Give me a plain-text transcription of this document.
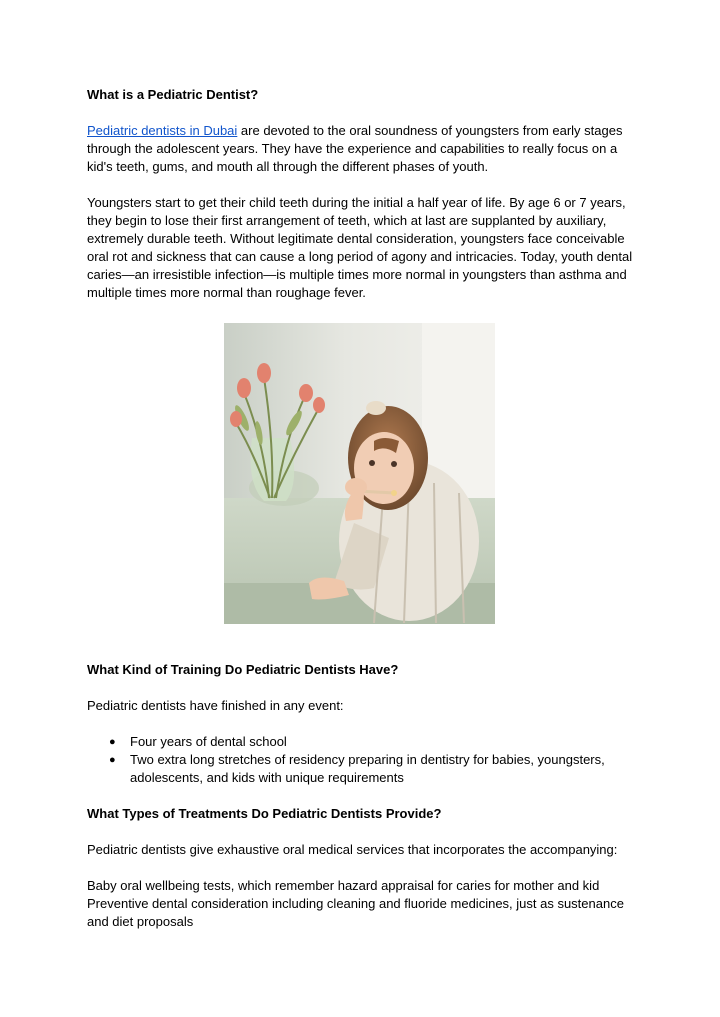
What is a Pediatric Dentist?

Pediatric dentists in Dubai are devoted to the oral soundness of youngsters from early stages through the adolescent years. They have the experience and capabilities to really focus on a kid's teeth, gums, and mouth all through the different phases of youth.

Youngsters start to get their child teeth during the initial a half year of life. By age 6 or 7 years, they begin to lose their first arrangement of teeth, which at last are supplanted by auxiliary, extremely durable teeth. Without legitimate dental consideration, youngsters face conceivable oral rot and sickness that can cause a long period of agony and intricacies. Today, youth dental caries—an irresistible infection—is multiple times more normal in youngsters than asthma and multiple times more normal than roughage fever.

What Kind of Training Do Pediatric Dentists Have?

Pediatric dentists have finished in any event:

● Four years of dental school
● Two extra long stretches of residency preparing in dentistry for babies, youngsters, adolescents, and kids with unique requirements
What Types of Treatments Do Pediatric Dentists Provide?

Pediatric dentists give exhaustive oral medical services that incorporates the accompanying:

Baby oral wellbeing tests, which remember hazard appraisal for caries for mother and kid

Preventive dental consideration including cleaning and fluoride medicines, just as sustenance and diet proposals
